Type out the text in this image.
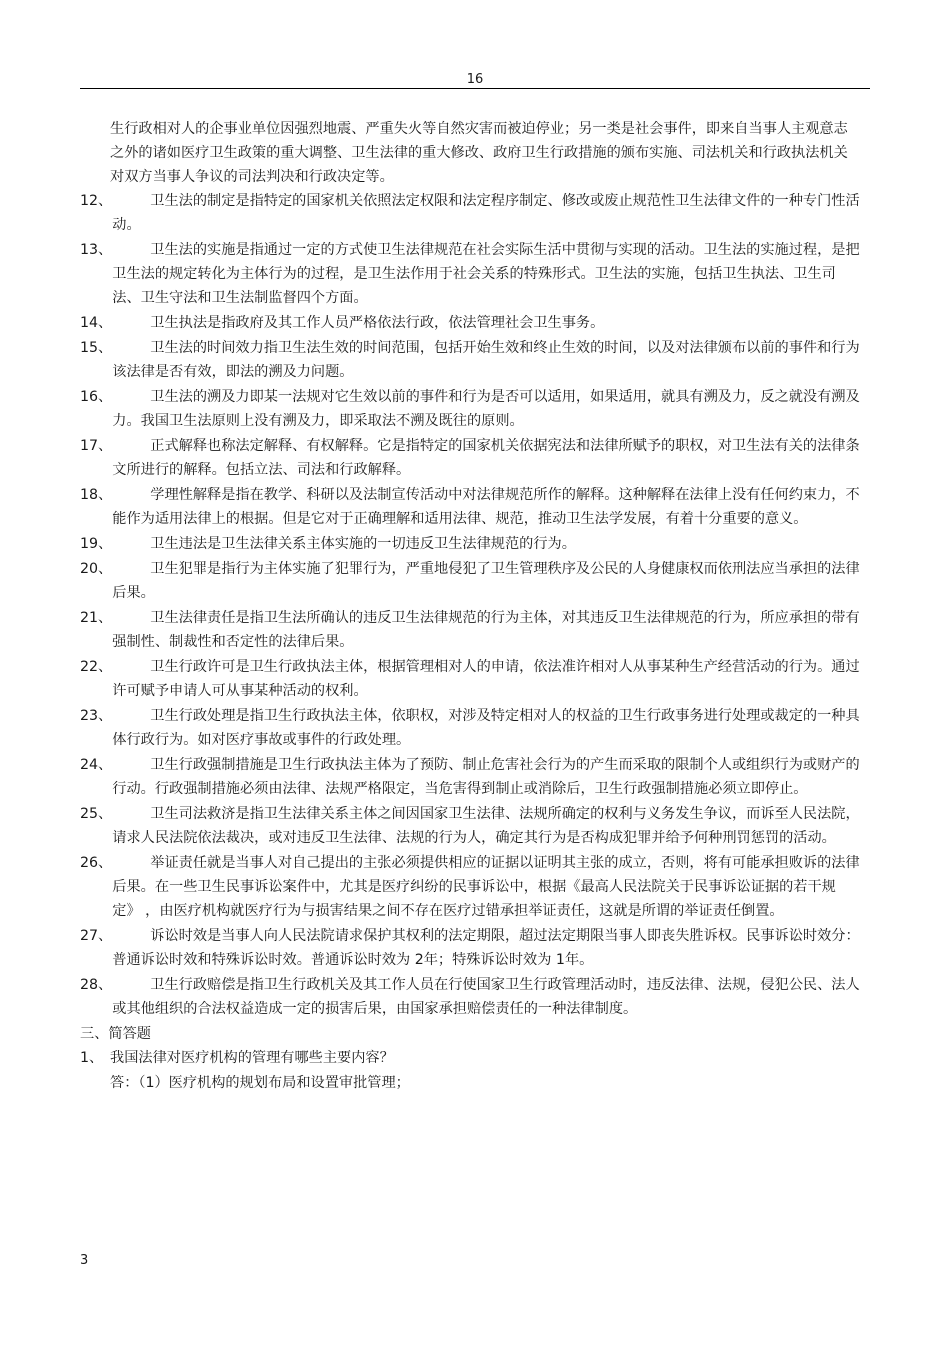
16
生行政相对人的企事业单位因强烈地震、严重失火等自然灾害而被迫停业；另一类是社会事件，即来自当事人主观意志之外的诸如医疗卫生政策的重大调整、卫生法律的重大修改、政府卫生行政措施的颁布实施、司法机关和行政执法机关对双方当事人争议的司法判决和行政决定等。
12、	卫生法的制定是指特定的国家机关依照法定权限和法定程序制定、修改或废止规范性卫生法律文件的一种专门性活动。
13、	卫生法的实施是指通过一定的方式使卫生法律规范在社会实际生活中贯彻与实现的活动。卫生法的实施过程，是把卫生法的规定转化为主体行为的过程，是卫生法作用于社会关系的特殊形式。卫生法的实施，包括卫生执法、卫生司法、卫生守法和卫生法制监督四个方面。
14、	卫生执法是指政府及其工作人员严格依法行政，依法管理社会卫生事务。
15、	卫生法的时间效力指卫生法生效的时间范围，包括开始生效和终止生效的时间，以及对法律颁布以前的事件和行为该法律是否有效，即法的溯及力问题。
16、	卫生法的溯及力即某一法规对它生效以前的事件和行为是否可以适用，如果适用，就具有溯及力，反之就没有溯及力。我国卫生法原则上没有溯及力，即采取法不溯及既往的原则。
17、	正式解释也称法定解释、有权解释。它是指特定的国家机关依据宪法和法律所赋予的职权，对卫生法有关的法律条文所进行的解释。包括立法、司法和行政解释。
18、	学理性解释是指在教学、科研以及法制宣传活动中对法律规范所作的解释。这种解释在法律上没有任何约束力，不能作为适用法律上的根据。但是它对于正确理解和适用法律、规范，推动卫生法学发展，有着十分重要的意义。
19、	卫生违法是卫生法律关系主体实施的一切违反卫生法律规范的行为。
20、	卫生犯罪是指行为主体实施了犯罪行为，严重地侵犯了卫生管理秩序及公民的人身健康权而依刑法应当承担的法律后果。
21、	卫生法律责任是指卫生法所确认的违反卫生法律规范的行为主体，对其违反卫生法律规范的行为，所应承担的带有强制性、制裁性和否定性的法律后果。
22、	卫生行政许可是卫生行政执法主体，根据管理相对人的申请，依法准许相对人从事某种生产经营活动的行为。通过许可赋予申请人可从事某种活动的权利。
23、	卫生行政处理是指卫生行政执法主体，依职权，对涉及特定相对人的权益的卫生行政事务进行处理或裁定的一种具体行政行为。如对医疗事故或事件的行政处理。
24、	卫生行政强制措施是卫生行政执法主体为了预防、制止危害社会行为的产生而采取的限制个人或组织行为或财产的行动。行政强制措施必须由法律、法规严格限定，当危害得到制止或消除后，卫生行政强制措施必须立即停止。
25、	卫生司法救济是指卫生法律关系主体之间因国家卫生法律、法规所确定的权利与义务发生争议，而诉至人民法院，请求人民法院依法裁决，或对违反卫生法律、法规的行为人，确定其行为是否构成犯罪并给予何种刑罚惩罚的活动。
26、	举证责任就是当事人对自己提出的主张必须提供相应的证据以证明其主张的成立，否则，将有可能承担败诉的法律后果。在一些卫生民事诉讼案件中，尤其是医疗纠纷的民事诉讼中，根据《最高人民法院关于民事诉讼证据的若干规定》 ，由医疗机构就医疗行为与损害结果之间不存在医疗过错承担举证责任，这就是所谓的举证责任倒置。
27、	诉讼时效是当事人向人民法院请求保护其权利的法定期限，超过法定期限当事人即丧失胜诉权。民事诉讼时效分：普通诉讼时效和特殊诉讼时效。普通诉讼时效为 2年；特殊诉讼时效为 1年。
28、	卫生行政赔偿是指卫生行政机关及其工作人员在行使国家卫生行政管理活动时，违反法律、法规，侵犯公民、法人或其他组织的合法权益造成一定的损害后果，由国家承担赔偿责任的一种法律制度。
三、简答题
1、 我国法律对医疗机构的管理有哪些主要内容？
答：（1）医疗机构的规划布局和设置审批管理；
3
